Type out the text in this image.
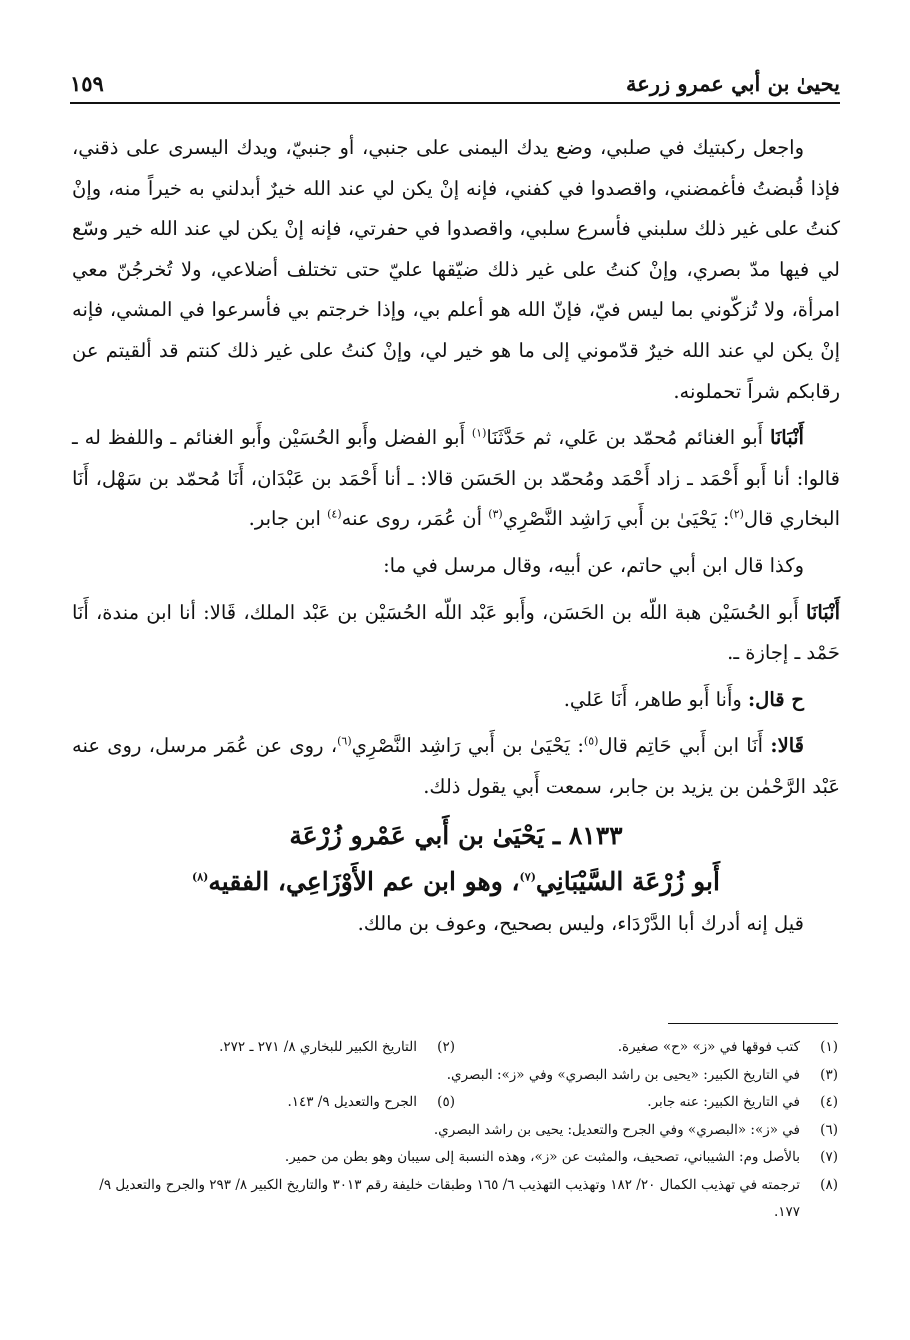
يحيىٰ بن أبي عمرو زرعة
١٥٩

واجعل ركبتيك في صلبي، وضع يدك اليمنى على جنبي، أو جنبيّ، ويدك اليسرى على ذقني، فإذا قُبضتُ فأغمضني، واقصدوا في كفني، فإنه إنْ يكن لي عند الله خيرٌ أبدلني به خيراً منه، وإنْ كنتُ على غير ذلك سلبني فأسرع سلبي، واقصدوا في حفرتي، فإنه إنْ يكن لي عند الله خير وسّع لي فيها مدّ بصري، وإنْ كنتُ على غير ذلك ضيّقها عليّ حتى تختلف أضلاعي، ولا تُخرجُنّ معي امرأة، ولا تُزكّوني بما ليس فيّ، فإنّ الله هو أعلم بي، وإذا خرجتم بي فأسرعوا في المشي، فإنه إنْ يكن لي عند الله خيرٌ قدّموني إلى ما هو خير لي، وإنْ كنتُ على غير ذلك كنتم قد ألقيتم عن رقابكم شراً تحملونه.

أَنْبَانَا أَبو الغنائم مُحمّد بن عَلي، ثم حَدَّثَنَا$^{(١)}$ أَبو الفضل وأَبو الحُسَيْن وأَبو الغنائم ـ واللفظ له ـ قالوا: أنا أَبو أَحْمَد ـ زاد أَحْمَد ومُحمّد بن الحَسَن قالا: ـ أنا أَحْمَد بن عَبْدَان، أَنَا مُحمّد بن سَهْل، أَنَا البخاري قال$^{(٢)}$: يَحْيَىٰ بن أَبي رَاشِد النَّصْرِي$^{(٣)}$ أن عُمَر، روى عنه$^{(٤)}$ ابن جابر.

وكذا قال ابن أبي حاتم، عن أبيه، وقال مرسل في ما:

أَنْبَانَا أَبو الحُسَيْن هبة اللّه بن الحَسَن، وأَبو عَبْد اللّه الحُسَيْن بن عَبْد الملك، قَالا: أنا ابن مندة، أَنَا حَمْد ـ إجازة ـ.

ح قال: وأَنا أَبو طاهر، أَنَا عَلي.

قَالا: أَنَا ابن أَبي حَاتِم قال$^{(٥)}$: يَحْيَىٰ بن أَبي رَاشِد النَّصْرِي$^{(٦)}$، روى عن عُمَر مرسل، روى عنه عَبْد الرَّحْمٰن بن يزيد بن جابر، سمعت أَبي يقول ذلك.

٨١٣٣ ـ يَحْيَىٰ بن أَبي عَمْرو زُرْعَة
أَبو زُرْعَة السَّيْبَانِي$^{(٧)}$، وهو ابن عم الأَوْزَاعِي، الفقيه$^{(٨)}$

قيل إنه أدرك أبا الدَّرْدَاء، وليس بصحيح، وعوف بن مالك.

(١)
كتب فوقها في «ز» «ح» صغيرة.
(٢)
التاريخ الكبير للبخاري ٨/ ٢٧١ ـ ٢٧٢.
(٣)
في التاريخ الكبير: «يحيى بن راشد البصري» وفي «ز»: البصري.
(٤)
في التاريخ الكبير: عنه جابر.
(٥)
الجرح والتعديل ٩/ ١٤٣.
(٦)
في «ز»: «البصري» وفي الجرح والتعديل: يحيى بن راشد البصري.
(٧)
بالأصل وم: الشيباني، تصحيف، والمثبت عن «ز»، وهذه النسبة إلى سيبان وهو بطن من حمير.
(٨)
ترجمته في تهذيب الكمال ٢٠/ ١٨٢ وتهذيب التهذيب ٦/ ١٦٥ وطبقات خليفة رقم ٣٠١٣ والتاريخ الكبير ٨/ ٢٩٣ والجرح والتعديل ٩/ ١٧٧.
